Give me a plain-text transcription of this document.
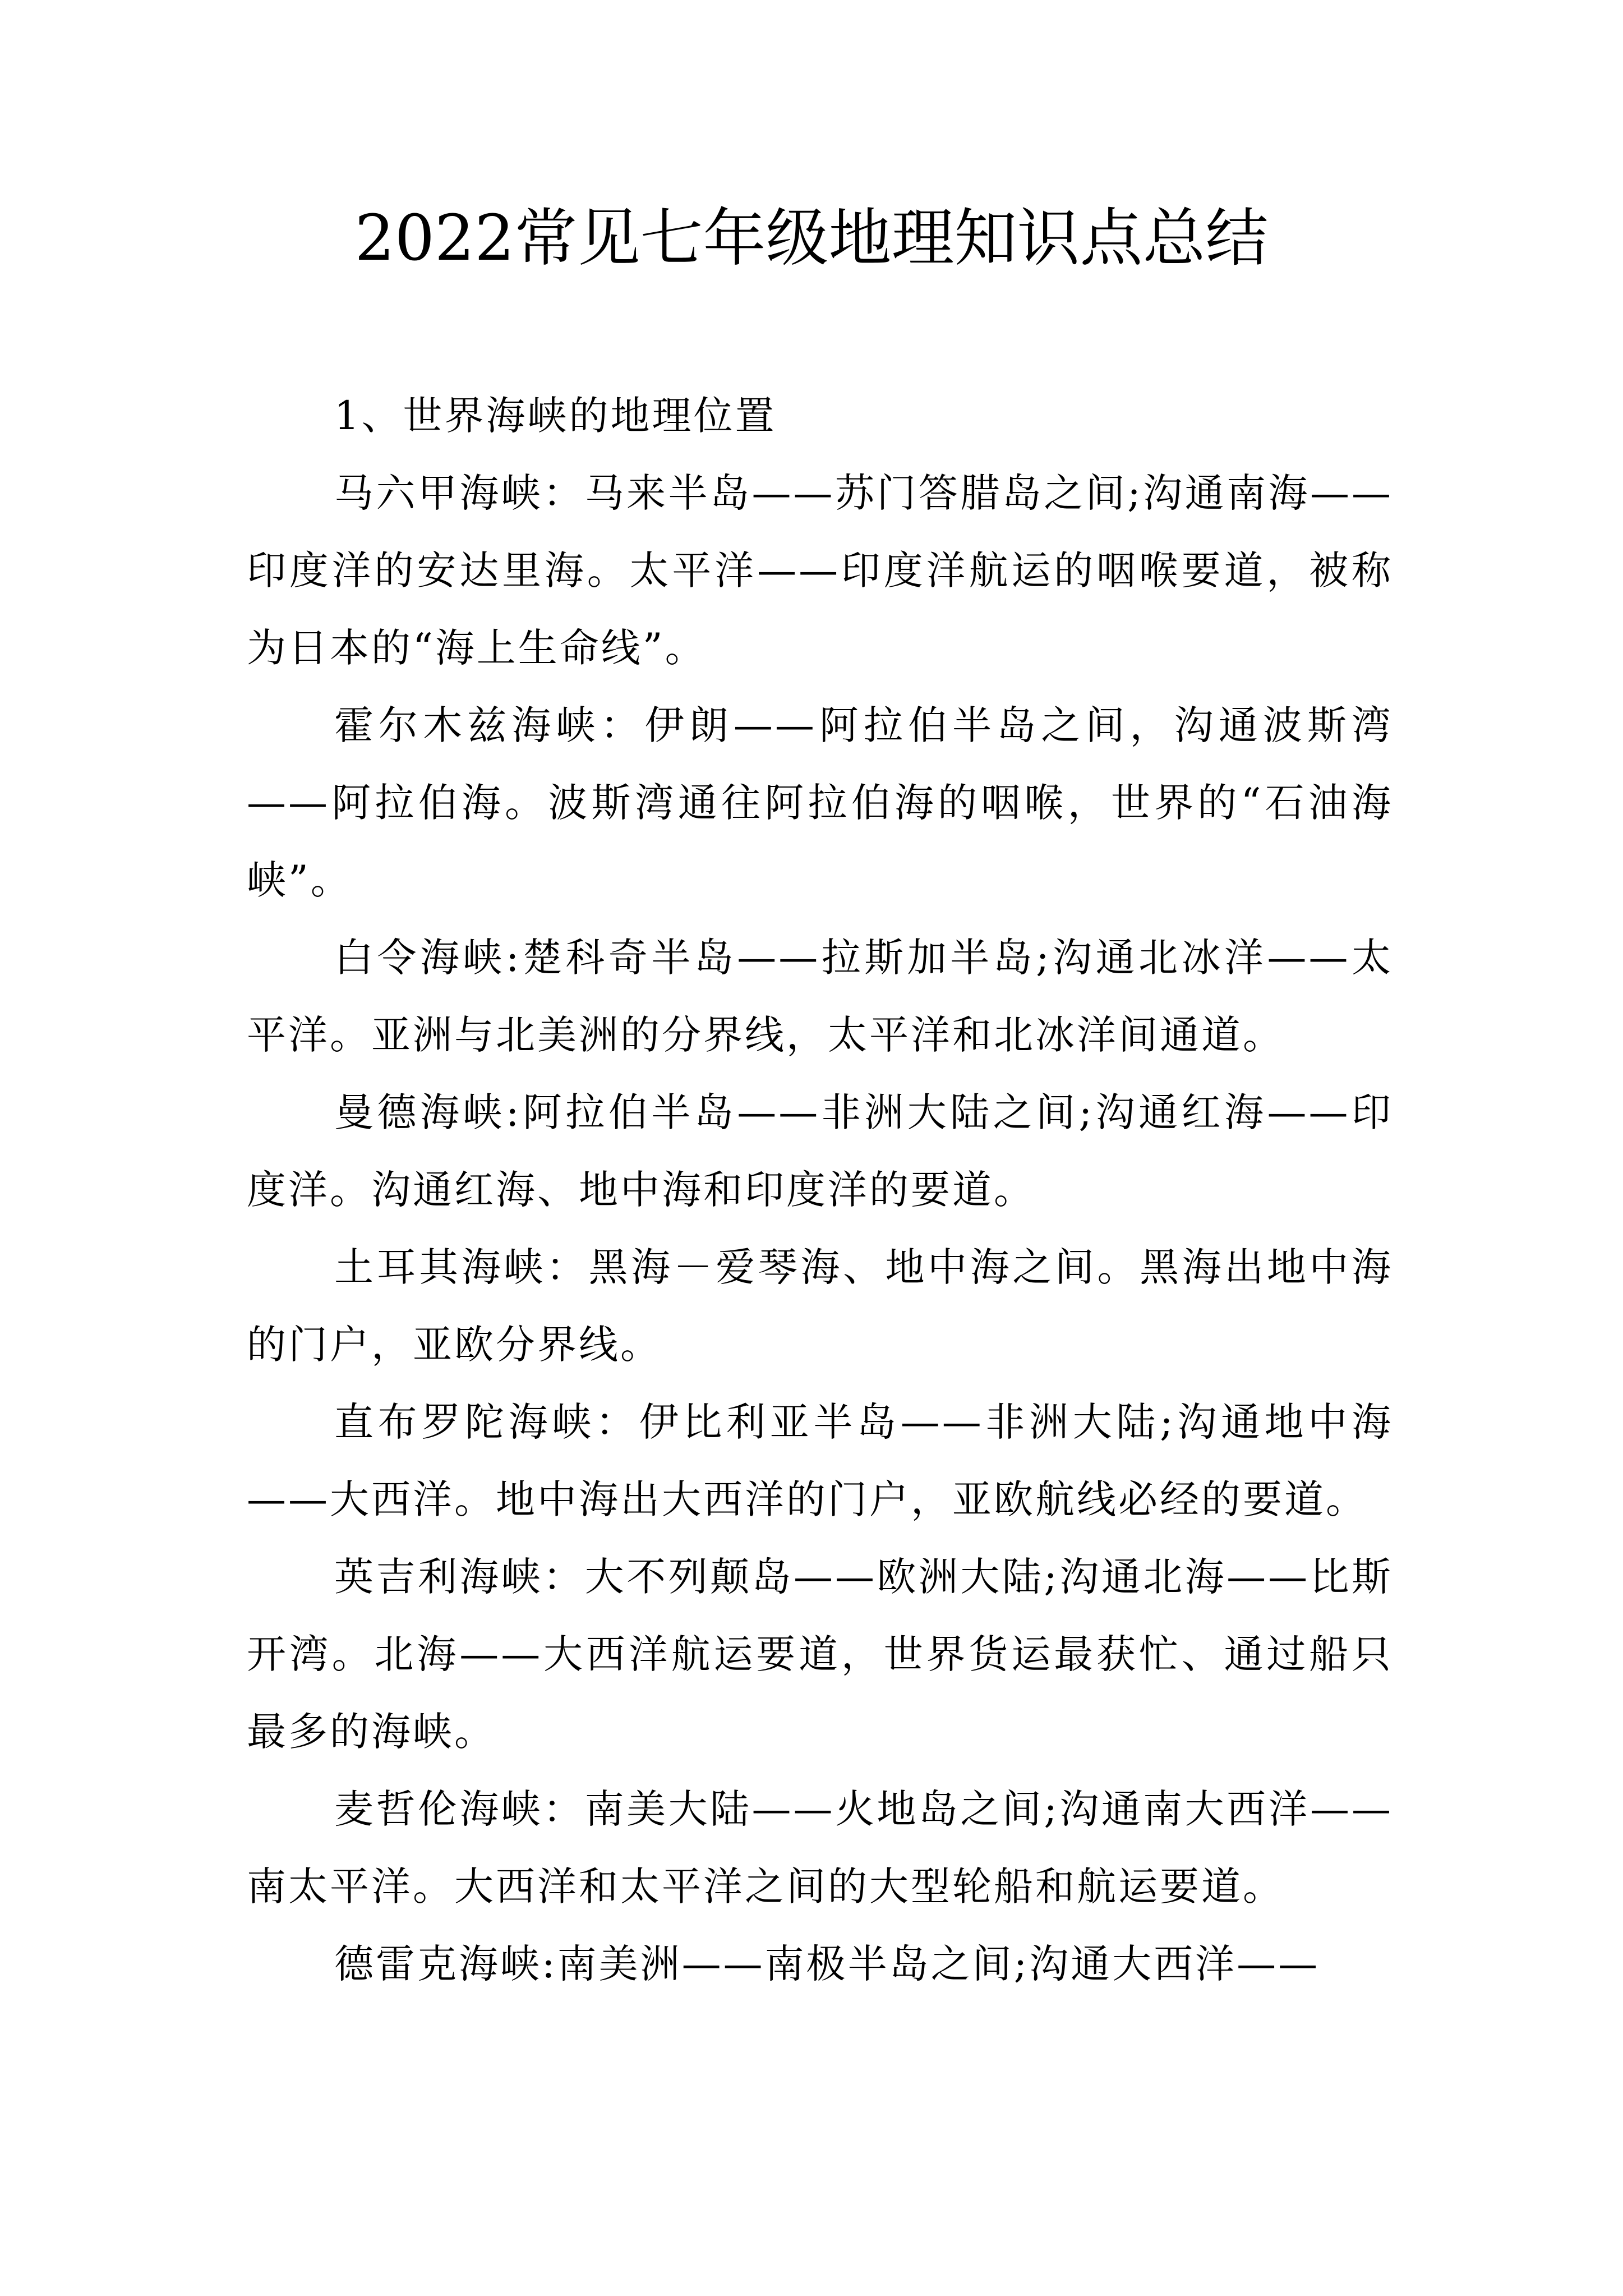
2022常见七年级地理知识点总结

1、世界海峡的地理位置

马六甲海峡：马来半岛——苏门答腊岛之间;沟通南海——印度洋的安达里海。太平洋——印度洋航运的咽喉要道，被称为日本的“海上生命线”。

霍尔木兹海峡：伊朗——阿拉伯半岛之间，沟通波斯湾——阿拉伯海。波斯湾通往阿拉伯海的咽喉，世界的“石油海峡”。

白令海峡:楚科奇半岛——拉斯加半岛;沟通北冰洋——太平洋。亚洲与北美洲的分界线，太平洋和北冰洋间通道。

曼德海峡:阿拉伯半岛——非洲大陆之间;沟通红海——印度洋。沟通红海、地中海和印度洋的要道。

土耳其海峡：黑海－爱琴海、地中海之间。黑海出地中海的门户，亚欧分界线。

直布罗陀海峡：伊比利亚半岛——非洲大陆;沟通地中海——大西洋。地中海出大西洋的门户，亚欧航线必经的要道。

英吉利海峡：大不列颠岛——欧洲大陆;沟通北海——比斯开湾。北海——大西洋航运要道，世界货运最获忙、通过船只最多的海峡。

麦哲伦海峡：南美大陆——火地岛之间;沟通南大西洋——南太平洋。大西洋和太平洋之间的大型轮船和航运要道。

德雷克海峡:南美洲——南极半岛之间;沟通大西洋——
